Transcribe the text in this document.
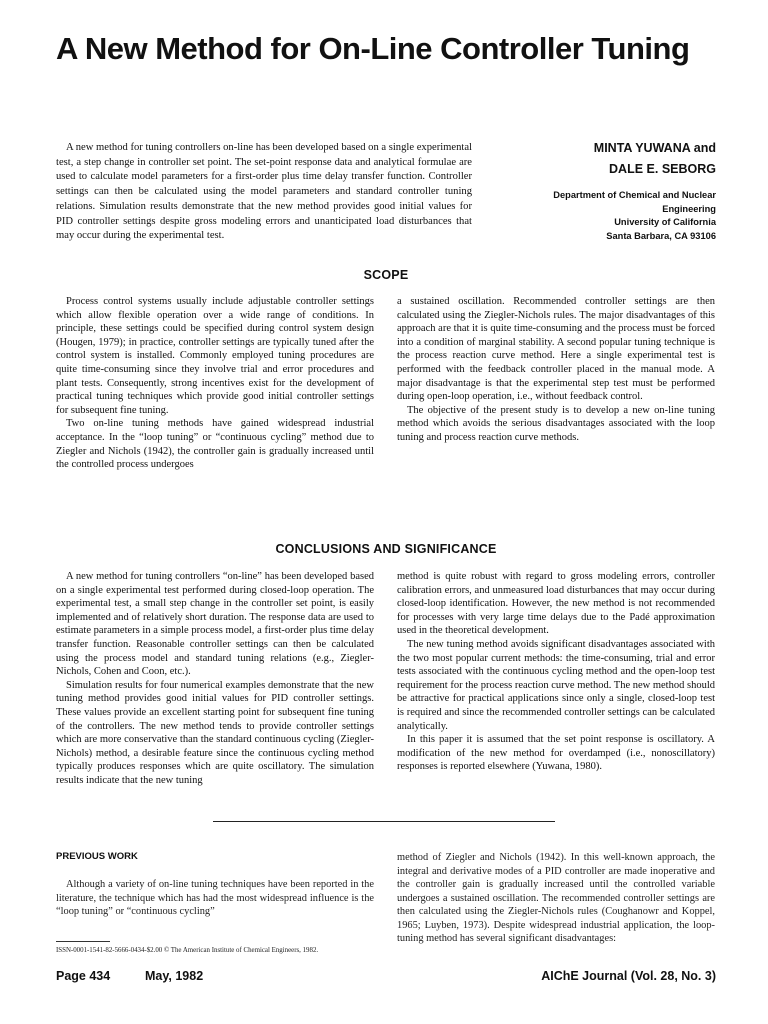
A New Method for On-Line Controller Tuning

A new method for tuning controllers on-line has been developed based on a single experimental test, a step change in controller set point. The set-point response data and analytical formulae are used to calculate model parameters for a first-order plus time delay transfer function. Controller settings can then be calculated using the model parameters and standard controller tuning relations. Simulation results demonstrate that the new method provides good initial values for PID controller settings despite gross modeling errors and unanticipated load disturbances that may occur during the experimental test.

MINTA YUWANA and
DALE E. SEBORG
Department of Chemical and Nuclear
Engineering
University of California
Santa Barbara, CA 93106
SCOPE

Process control systems usually include adjustable controller settings which allow flexible operation over a wide range of conditions. In principle, these settings could be specified during control system design (Hougen, 1979); in practice, controller settings are typically tuned after the control system is installed. Commonly employed tuning procedures are quite time-consuming since they involve trial and error procedures and plant tests. Consequently, strong incentives exist for the development of practical tuning techniques which provide good initial controller settings for subsequent fine tuning.

Two on-line tuning methods have gained widespread industrial acceptance. In the “loop tuning” or “continuous cycling” method due to Ziegler and Nichols (1942), the controller gain is gradually increased until the controlled process undergoes

a sustained oscillation. Recommended controller settings are then calculated using the Ziegler-Nichols rules. The major disadvantages of this approach are that it is quite time-consuming and the process must be forced into a condition of marginal stability. A second popular tuning technique is the process reaction curve method. Here a single experimental test is performed with the feedback controller placed in the manual mode. A major disadvantage is that the experimental step test must be performed during open-loop operation, i.e., without feedback control.

The objective of the present study is to develop a new on-line tuning method which avoids the serious disadvantages associated with the loop tuning and process reaction curve methods.

CONCLUSIONS AND SIGNIFICANCE

A new method for tuning controllers “on-line” has been developed based on a single experimental test performed during closed-loop operation. The experimental test, a small step change in the controller set point, is easily implemented and of relatively short duration. The response data are used to estimate parameters in a simple process model, a first-order plus time delay transfer function. Reasonable controller settings can then be calculated using the process model and standard tuning relations (e.g., Ziegler-Nichols, Cohen and Coon, etc.).

Simulation results for four numerical examples demonstrate that the new tuning method provides good initial values for PID controller settings. These values provide an excellent starting point for subsequent fine tuning of the controllers. The new method tends to provide controller settings which are more conservative than the standard continuous cycling (Ziegler-Nichols) method, a desirable feature since the continuous cycling method typically produces responses which are quite oscillatory. The simulation results indicate that the new tuning

method is quite robust with regard to gross modeling errors, controller calibration errors, and unmeasured load disturbances that may occur during closed-loop identification. However, the new method is not recommended for processes with very large time delays due to the Padé approximation used in the theoretical development.

The new tuning method avoids significant disadvantages associated with the two most popular current methods: the time-consuming, trial and error tests associated with the continuous cycling method and the open-loop test requirement for the process reaction curve method. The new method should be attractive for practical applications since only a single, closed-loop test is required and since the recommended controller settings can be calculated analytically.

In this paper it is assumed that the set point response is oscillatory. A modification of the new method for overdamped (i.e., nonoscillatory) responses is reported elsewhere (Yuwana, 1980).

PREVIOUS WORK

Although a variety of on-line tuning techniques have been reported in the literature, the technique which has had the most widespread influence is the “loop tuning” or “continuous cycling”

method of Ziegler and Nichols (1942). In this well-known approach, the integral and derivative modes of a PID controller are made inoperative and the controller gain is gradually increased until the controlled variable undergoes a sustained oscillation. The recommended controller settings are then calculated using the Ziegler-Nichols rules (Coughanowr and Koppel, 1965; Luyben, 1973). Despite widespread industrial application, the loop-tuning method has several significant disadvantages:

ISSN-0001-1541-82-5666-0434-$2.00 © The American Institute of Chemical Engineers, 1982.
Page 434	May, 1982	AIChE Journal (Vol. 28, No. 3)
